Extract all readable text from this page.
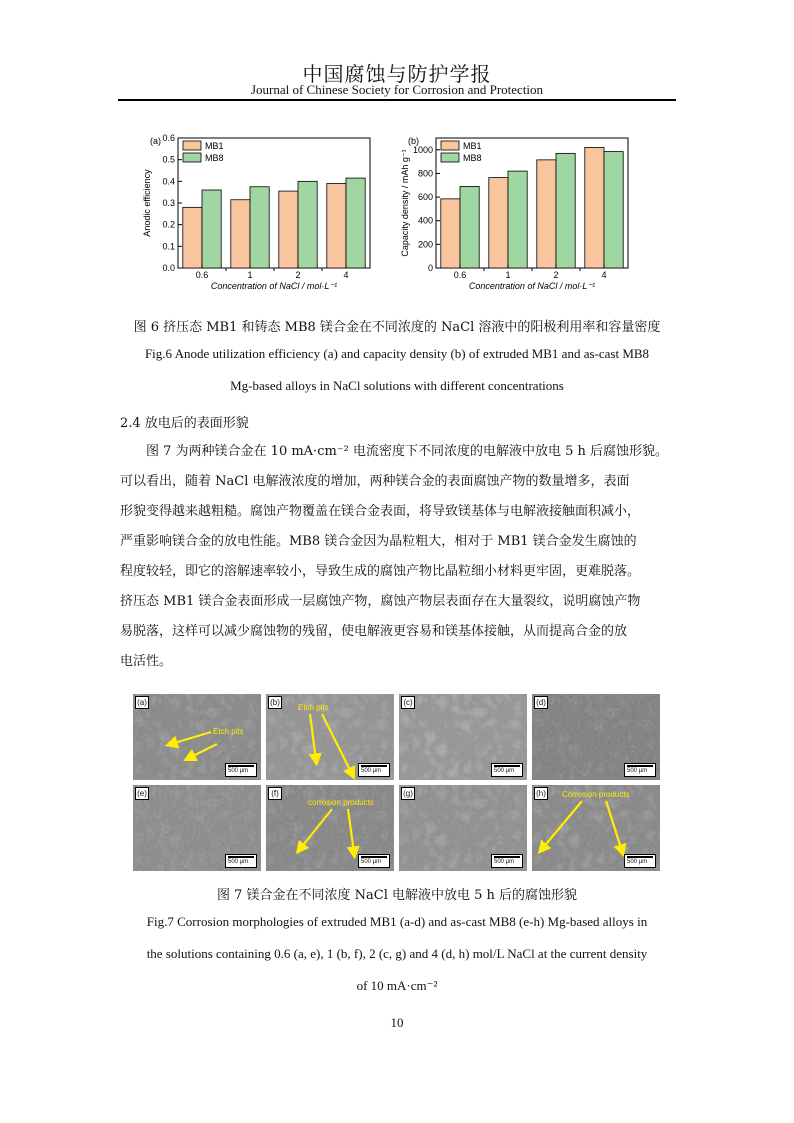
中国腐蚀与防护学报
Journal of Chinese Society for Corrosion and Protection
0.0
0.1
0.2
0.3
0.4
0.5
0.6
0.6	1	2	4
Concentration of NaCl / mol·L⁻¹
Anodic efficiency
(a)	MB1
MB8
0
200
400
600
800
1000
0.6	1	2	4
Concentration of NaCl / mol·L⁻¹
Capacity density / mAh g⁻¹
(b)	MB1
MB8
图 6 挤压态 MB1 和铸态 MB8 镁合金在不同浓度的 NaCl 溶液中的阳极利用率和容量密度
Fig.6 Anode utilization efficiency (a) and capacity density (b) of extruded MB1 and as-cast MB8
Mg-based alloys in NaCl solutions with different concentrations
2.4 放电后的表面形貌
　　图 7 为两种镁合金在 10 mA·cm⁻² 电流密度下不同浓度的电解液中放电 5 h 后腐蚀形貌。
可以看出，随着 NaCl 电解液浓度的增加，两种镁合金的表面腐蚀产物的数量增多，表面
形貌变得越来越粗糙。腐蚀产物覆盖在镁合金表面，将导致镁基体与电解液接触面积减小，
严重影响镁合金的放电性能。MB8 镁合金因为晶粒粗大，相对于 MB1 镁合金发生腐蚀的
程度较轻，即它的溶解速率较小，导致生成的腐蚀产物比晶粒细小材料更牢固，更难脱落。
挤压态 MB1 镁合金表面形成一层腐蚀产物，腐蚀产物层表面存在大量裂纹，说明腐蚀产物
易脱落，这样可以减少腐蚀物的残留，使电解液更容易和镁基体接触，从而提高合金的放
电活性。
Etch pits
(a)
500 μm
Etch pits
(b)
500 μm
(c)
500 μm
(d)
500 μm
(e)
500 μm
corrosion products
(f)
500 μm
(g)
500 μm
Corrosion products
(h)
500 μm
图 7 镁合金在不同浓度 NaCl 电解液中放电 5 h 后的腐蚀形貌
Fig.7 Corrosion morphologies of extruded MB1 (a-d) and as-cast MB8 (e-h) Mg-based alloys in
the solutions containing 0.6 (a, e), 1 (b, f), 2 (c, g) and 4 (d, h) mol/L NaCl at the current density
of 10 mA·cm⁻²
10
